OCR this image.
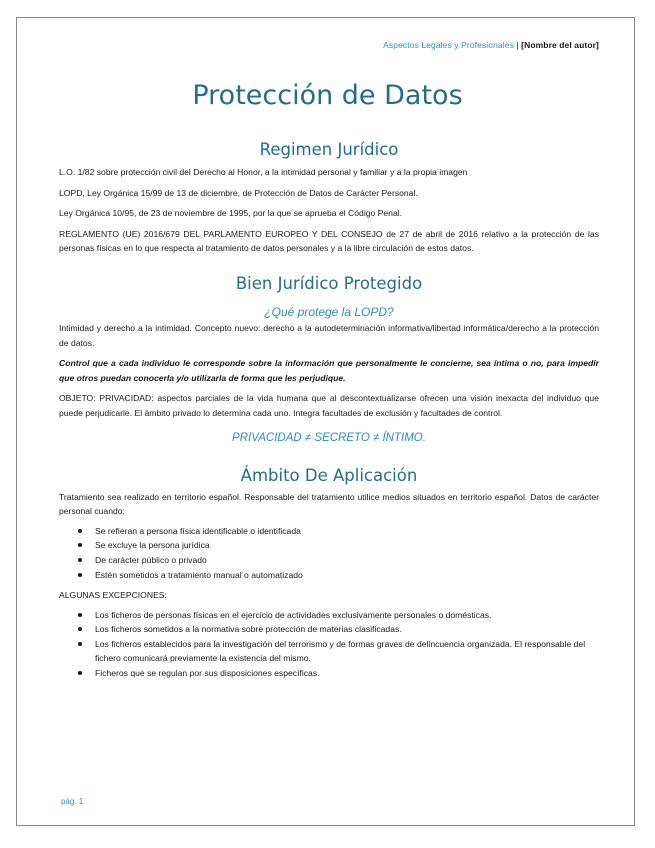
Aspectos Legales y Profesionales | [Nombre del autor]
Protección de Datos
Regimen Jurídico

L.O. 1/82 sobre protección civil del Derecho al Honor, a la intimidad personal y familiar y a la propia imagen

LOPD, Ley Orgánica 15/99 de 13 de diciembre, de Protección de Datos de Carácter Personal.

Ley Orgánica 10/95, de 23 de noviembre de 1995, por la que se aprueba el Código Penal.

REGLAMENTO (UE) 2016/679 DEL PARLAMENTO EUROPEO Y DEL CONSEJO de 27 de abril de 2016 relativo a la protección de las personas físicas en lo que respecta al tratamiento de datos personales y a la libre circulación de estos datos.

Bien Jurídico Protegido
¿Qué protege la LOPD?

Intimidad y derecho a la intimidad. Concepto nuevo: derecho a la autodeterminación informativa/libertad informática/derecho a la protección de datos.

Control que a cada individuo le corresponde sobre la información que personalmente le concierne, sea íntima o no, para impedir que otros puedan conocerla y/o utilizarla de forma que les perjudique.

OBJETO: PRIVACIDAD: aspectos parciales de la vida humana que al descontextualizarse ofrecen una visión inexacta del individuo que puede perjudicarle. El ámbito privado lo determina cada uno. Integra facultades de exclusión y facultades de control.

PRIVACIDAD ≠ SECRETO ≠ ÍNTIMO.
Ámbito De Aplicación

Tratamiento sea realizado en territorio español. Responsable del tratamiento utilice medios situados en territorio español. Datos de carácter personal cuando:

Se refieran a persona física identificable o identificada
Se excluye la persona jurídica
De carácter público o privado
Estén sometidos a tratamiento manual o automatizado

ALGUNAS EXCEPCIONES:

Los ficheros de personas físicas en el ejercicio de actividades exclusivamente personales o domésticas.
Los ficheros sometidos a la normativa sobre protección de materias clasificadas.
Los ficheros establecidos para la investigación del terrorismo y de formas graves de delincuencia organizada. El responsable del fichero comunicará previamente la existencia del mismo.
Ficheros que se regulan por sus disposiciones específicas.
pág. 1
